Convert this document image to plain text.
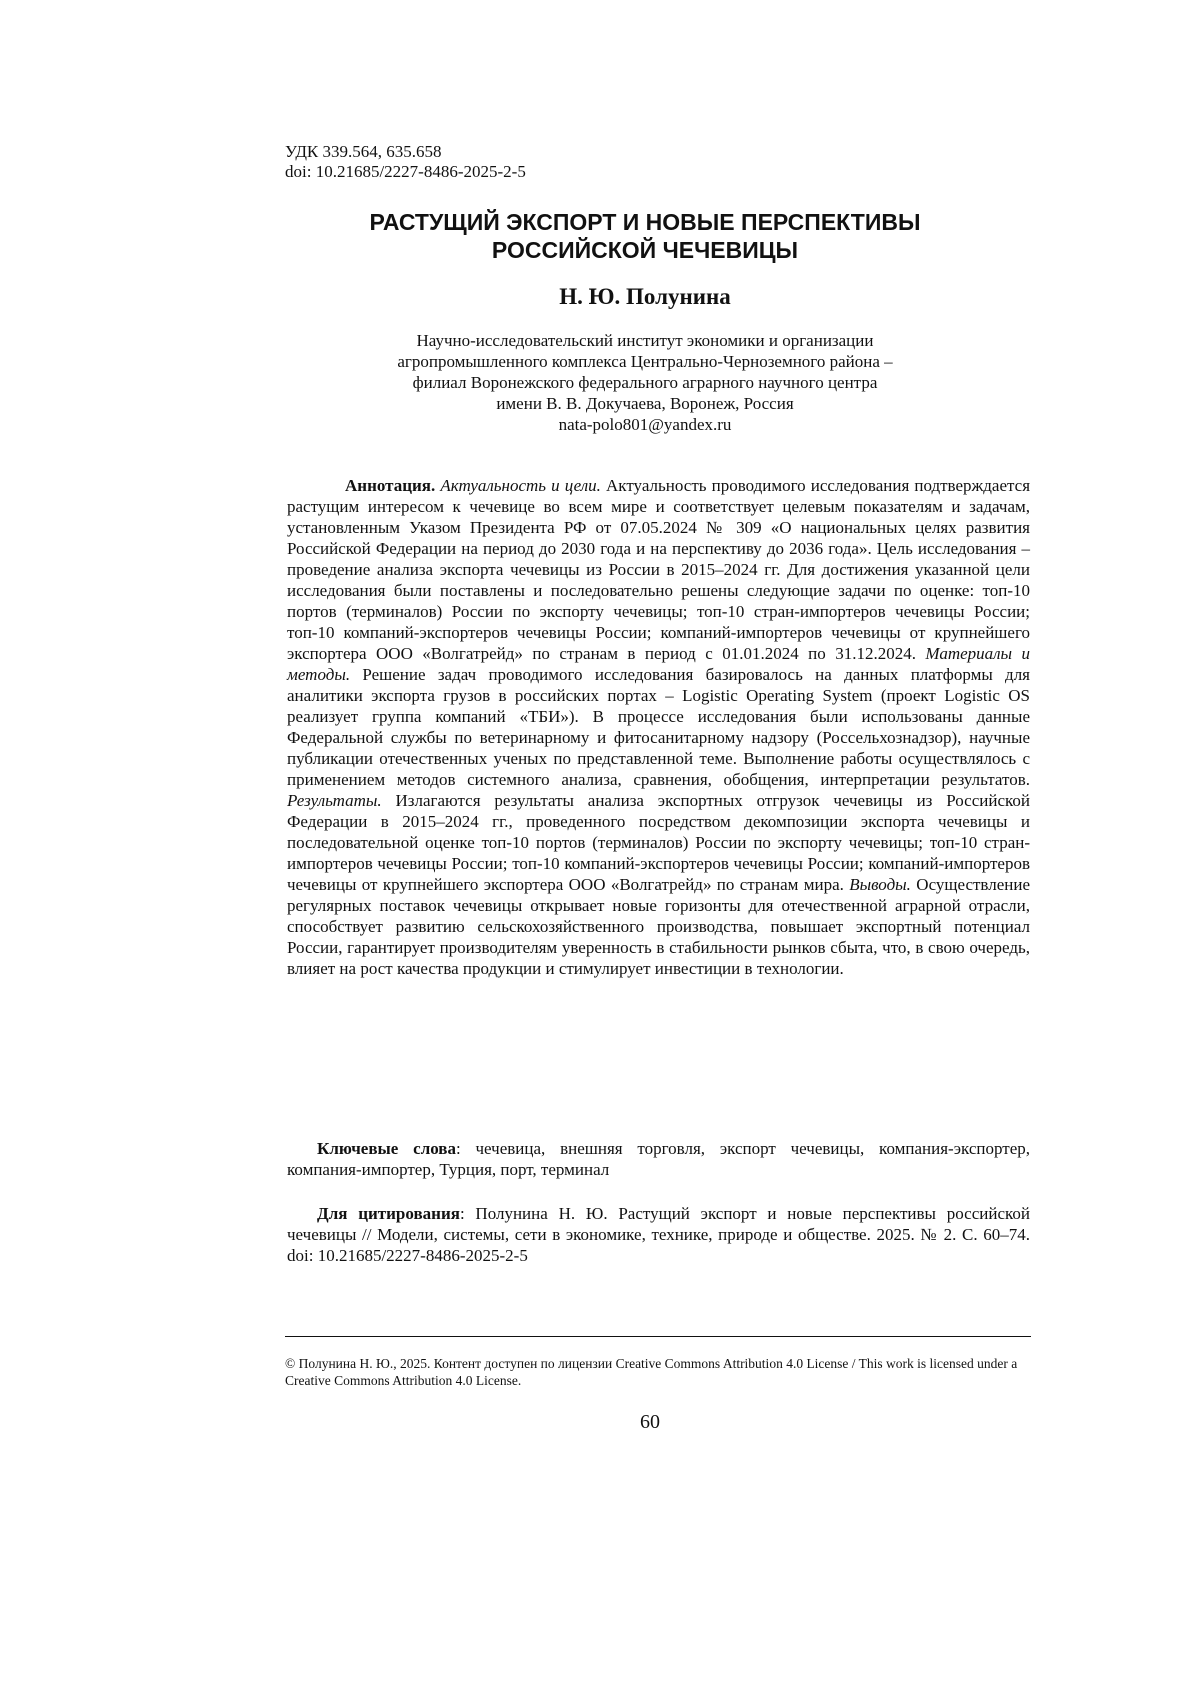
УДК 339.564, 635.658
doi: 10.21685/2227-8486-2025-2-5
РАСТУЩИЙ ЭКСПОРТ И НОВЫЕ ПЕРСПЕКТИВЫ
РОССИЙСКОЙ ЧЕЧЕВИЦЫ
Н. Ю. Полунина
Научно-исследовательский институт экономики и организации
агропромышленного комплекса Центрально-Черноземного района –
филиал Воронежского федерального аграрного научного центра
имени В. В. Докучаева, Воронеж, Россия
nata-polo801@yandex.ru

Аннотация. Актуальность и цели. Актуальность проводимого исследования подтверждается растущим интересом к чечевице во всем мире и соответствует целевым показателям и задачам, установленным Указом Президента РФ от 07.05.2024 № 309 «О национальных целях развития Российской Федерации на период до 2030 года и на перспективу до 2036 года». Цель исследования – проведение анализа экспорта чечевицы из России в 2015–2024 гг. Для достижения указанной цели исследования были поставлены и последовательно решены следующие задачи по оценке: топ-10 портов (терминалов) России по экспорту чечевицы; топ-10 стран-импортеров чечевицы России; топ-10 компаний-экспортеров чечевицы России; компаний-импортеров чечевицы от крупнейшего экспортера ООО «Волгатрейд» по странам в период с 01.01.2024 по 31.12.2024. Материалы и методы. Решение задач проводимого исследования базировалось на данных платформы для аналитики экспорта грузов в российских портах – Logistic Operating System (проект Logistic OS реализует группа компаний «ТБИ»). В процессе исследования были использованы данные Федеральной службы по ветеринарному и фитосанитарному надзору (Россельхознадзор), научные публикации отечественных ученых по представленной теме. Выполнение работы осуществлялось с применением методов системного анализа, сравнения, обобщения, интерпретации результатов. Результаты. Излагаются результаты анализа экспортных отгрузок чечевицы из Российской Федерации в 2015–2024 гг., проведенного посредством декомпозиции экспорта чечевицы и последовательной оценке топ-10 портов (терминалов) России по экспорту чечевицы; топ-10 стран-импортеров чечевицы России; топ-10 компаний-экспортеров чечевицы России; компаний-импортеров чечевицы от крупнейшего экспортера ООО «Волгатрейд» по странам мира. Выводы. Осуществление регулярных поставок чечевицы открывает новые горизонты для отечественной аграрной отрасли, способствует развитию сельскохозяйственного производства, повышает экспортный потенциал России, гарантирует производителям уверенность в стабильности рынков сбыта, что, в свою очередь, влияет на рост качества продукции и стимулирует инвестиции в технологии.

Ключевые слова: чечевица, внешняя торговля, экспорт чечевицы, компания-экспортер, компания-импортер, Турция, порт, терминал

Для цитирования: Полунина Н. Ю. Растущий экспорт и новые перспективы российской чечевицы // Модели, системы, сети в экономике, технике, природе и обществе. 2025. № 2. С. 60–74. doi: 10.21685/2227-8486-2025-2-5

© Полунина Н. Ю., 2025. Контент доступен по лицензии Creative Commons Attribution 4.0 License / This work is licensed under a Creative Commons Attribution 4.0 License.
60
